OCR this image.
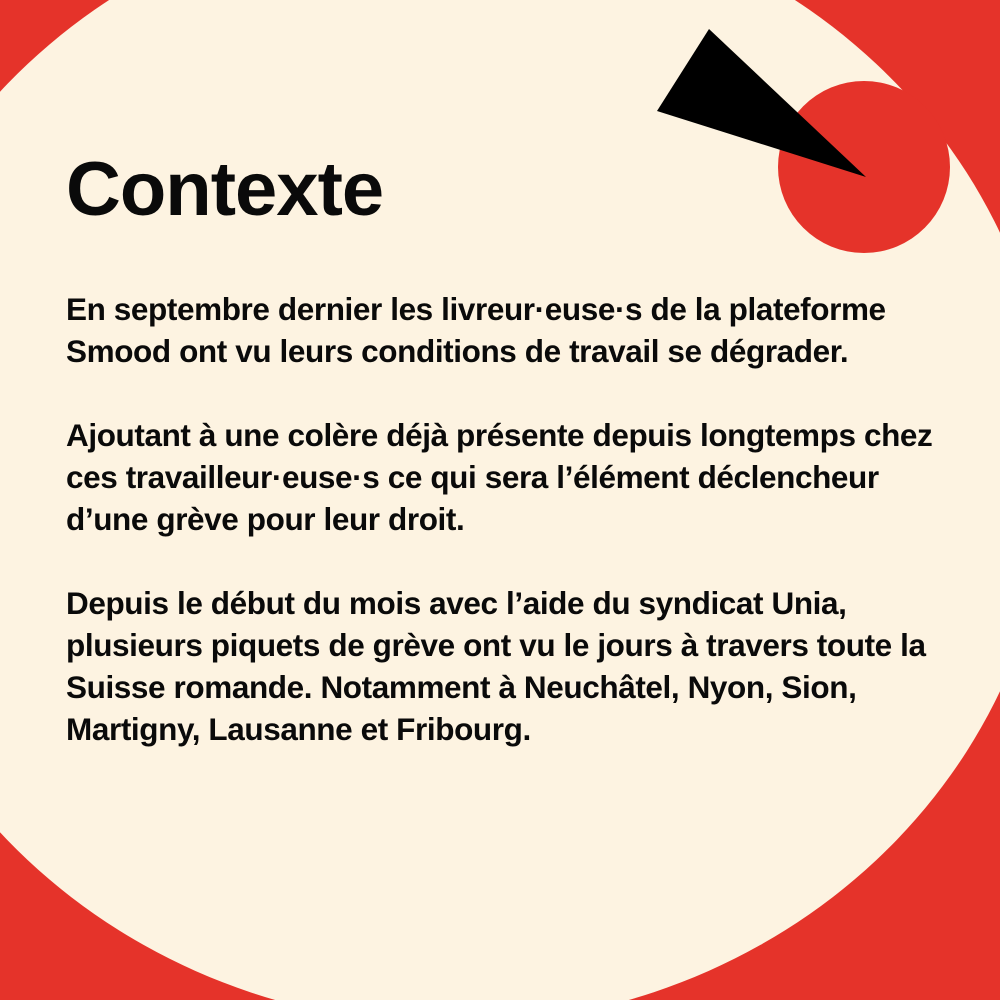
Contexte

En septembre dernier les livreur·euse·s de la plateforme Smood ont vu leurs conditions de travail se dégrader.

Ajoutant à une colère déjà présente depuis longtemps chez ces travailleur·euse·s ce qui sera l’élément déclencheur d’une grève pour leur droit.

Depuis le début du mois avec l’aide du syndicat Unia, plusieurs piquets de grève ont vu le jours à travers toute la Suisse romande. Notamment à Neuchâtel, Nyon, Sion, Martigny, Lausanne et Fribourg.
